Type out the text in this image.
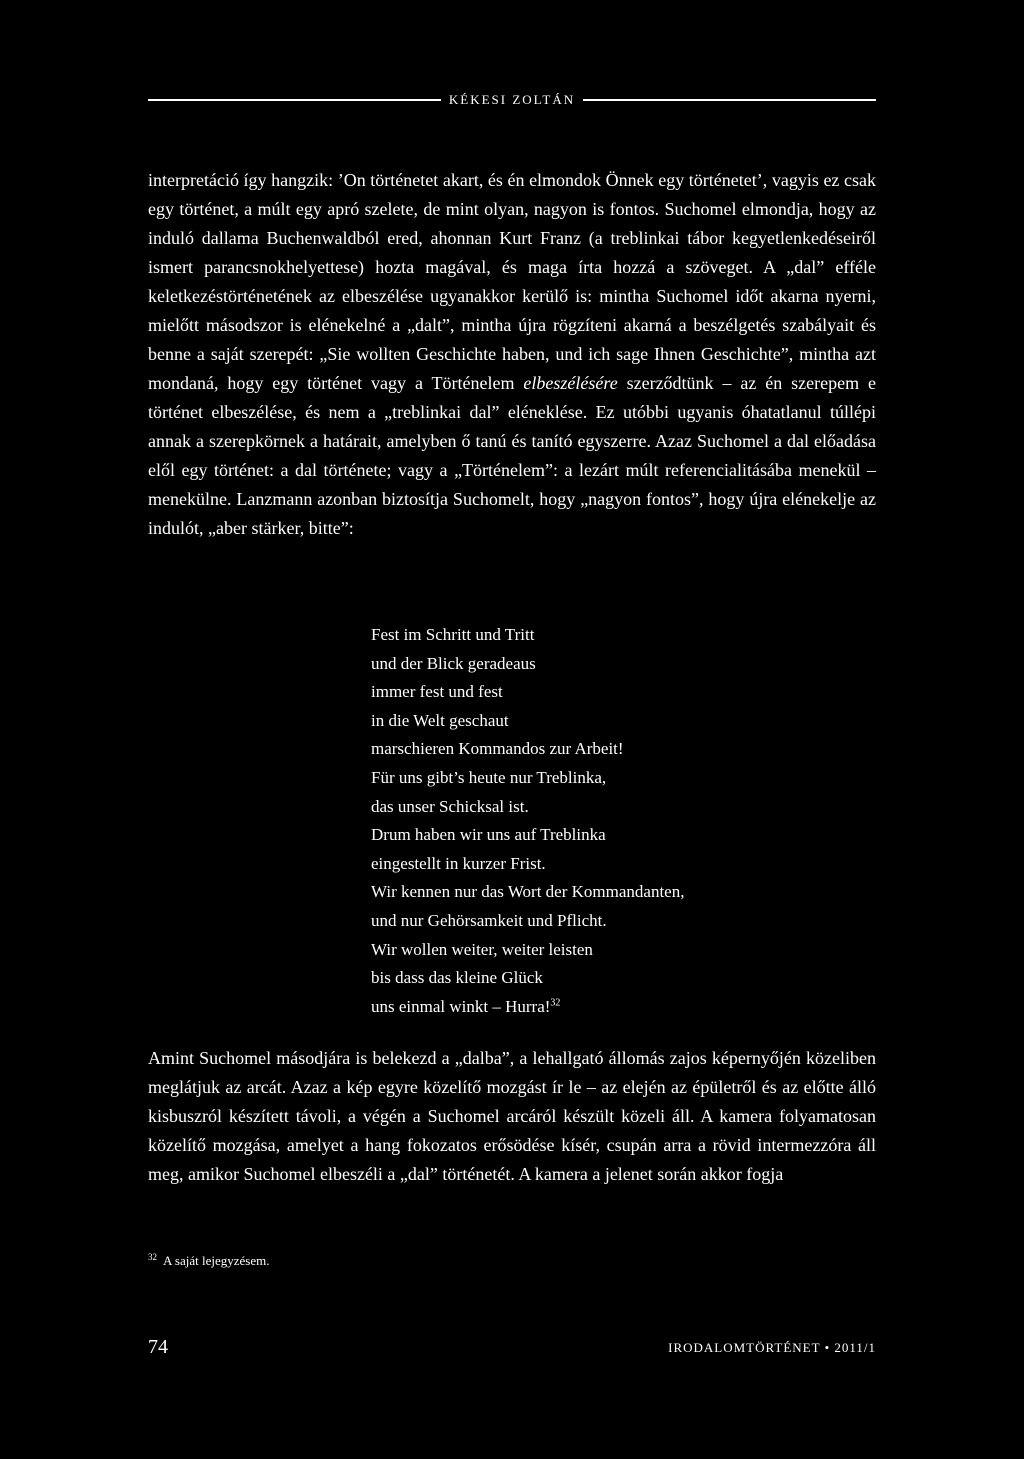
KÉKESI ZOLTÁN

interpretáció így hangzik: ’On történetet akart, és én elmondok Önnek egy történetet’, vagyis ez csak egy történet, a múlt egy apró szelete, de mint olyan, nagyon is fontos. Suchomel elmondja, hogy az induló dallama Buchenwaldból ered, ahonnan Kurt Franz (a treblinkai tábor kegyetlenkedéseiről ismert parancsnokhelyettese) hozta magával, és maga írta hozzá a szöveget. A „dal” efféle keletkezéstörténetének az elbeszélése ugyanakkor kerülő is: mintha Suchomel időt akarna nyerni, mielőtt másodszor is elénekelné a „dalt”, mintha újra rögzíteni akarná a beszélgetés szabályait és benne a saját szerepét: „Sie wollten Geschichte haben, und ich sage Ihnen Geschichte”, mintha azt mondaná, hogy egy történet vagy a Történelem elbeszélésére szerződtünk – az én szerepem e történet elbeszélése, és nem a „treblinkai dal” eléneklése. Ez utóbbi ugyanis óhatatlanul túllépi annak a szerepkörnek a határait, amelyben ő tanú és tanító egyszerre. Azaz Suchomel a dal előadása elől egy történet: a dal története; vagy a „Történelem”: a lezárt múlt referencialitásába menekül – menekülne. Lanzmann azonban biztosítja Suchomelt, hogy „nagyon fontos”, hogy újra elénekelje az indulót, „aber stärker, bitte”:

Fest im Schritt und Tritt
und der Blick geradeaus
immer fest und fest
in die Welt geschaut
marschieren Kommandos zur Arbeit!
Für uns gibt’s heute nur Treblinka,
das unser Schicksal ist.
Drum haben wir uns auf Treblinka
eingestellt in kurzer Frist.
Wir kennen nur das Wort der Kommandanten,
und nur Gehörsamkeit und Pflicht.
Wir wollen weiter, weiter leisten
bis dass das kleine Glück
uns einmal winkt – Hurra!$^{32}$

Amint Suchomel másodjára is belekezd a „dalba”, a lehallgató állomás zajos képernyőjén közeliben meglátjuk az arcát. Azaz a kép egyre közelítő mozgást ír le – az elején az épületről és az előtte álló kisbuszról készített távoli, a végén a Suchomel arcáról készült közeli áll. A kamera folyamatosan közelítő mozgása, amelyet a hang fokozatos erősödése kísér, csupán arra a rövid intermezzóra áll meg, amikor Suchomel elbeszéli a „dal” történetét. A kamera a jelenet során akkor fogja

$^{32}$ A saját lejegyzésem.
74	IRODALOMTÖRTÉNET • 2011/1
